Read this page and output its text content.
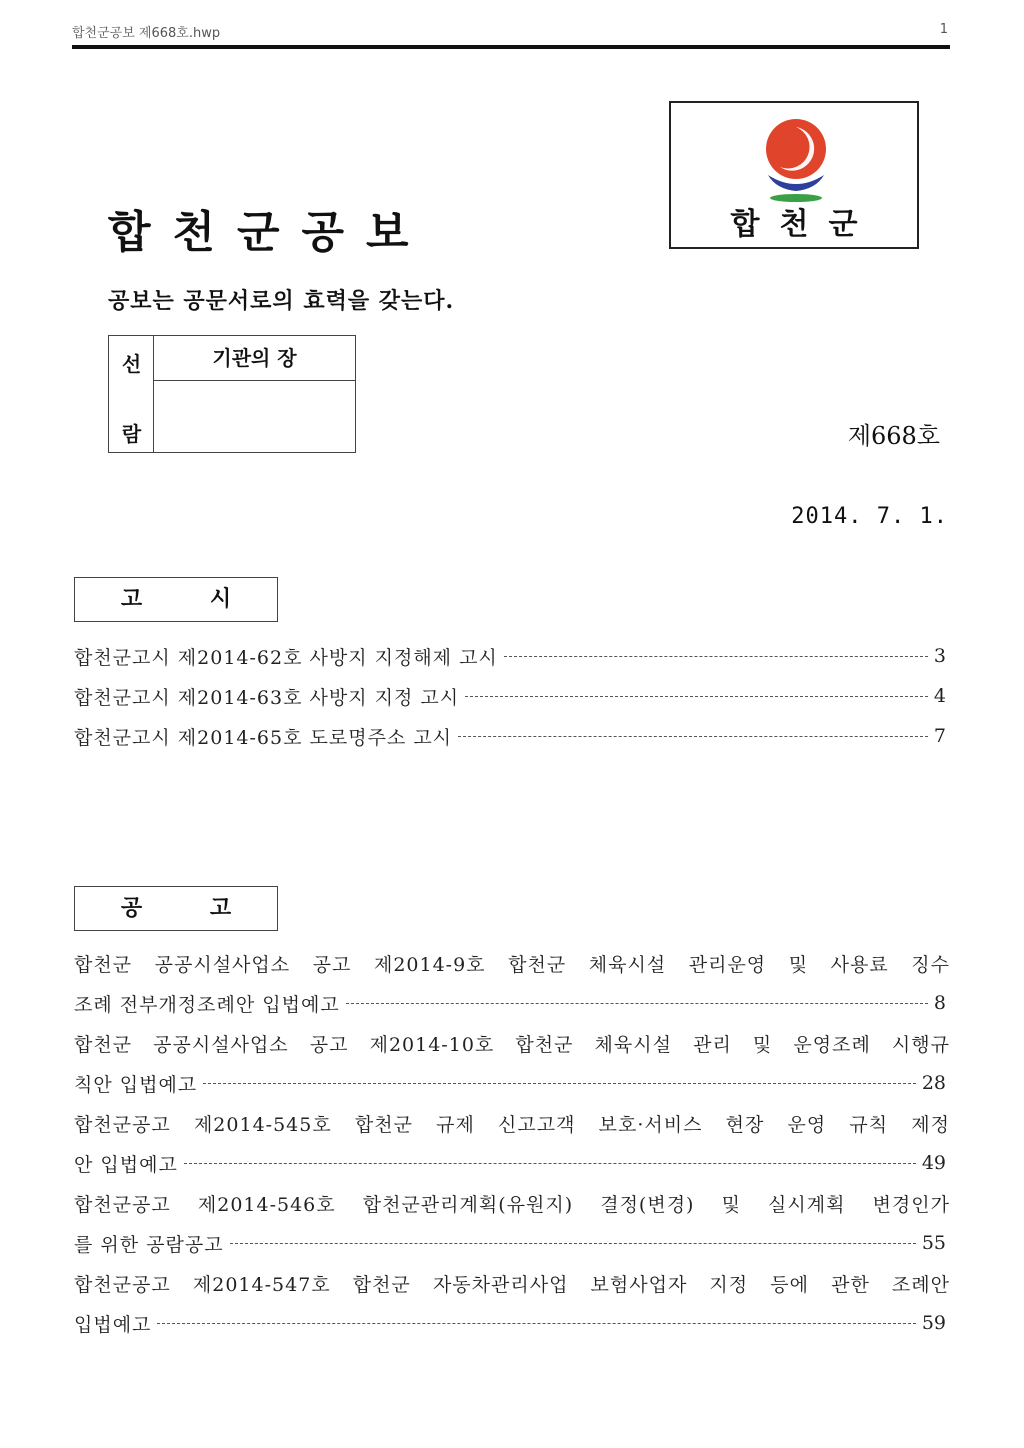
합천군공보 제668호.hwp	1
합천군공보
공보는 공문서로의 효력을 갖는다.
합천군
선
람
기관의 장
제668호
2014. 7. 1.
고 시
합천군고시 제2014-62호 사방지 지정해제 고시	3
합천군고시 제2014-63호 사방지 지정 고시	4
합천군고시 제2014-65호 도로명주소 고시	7
공 고
합천군 공공시설사업소 공고 제2014-9호 합천군 체육시설 관리운영 및 사용료 징수
조례 전부개정조례안 입법예고	8
합천군 공공시설사업소 공고 제2014-10호 합천군 체육시설 관리 및 운영조례 시행규
칙안 입법예고	28
합천군공고 제2014-545호 합천군 규제 신고고객 보호·서비스 현장 운영 규칙 제정
안 입법예고	49
합천군공고 제2014-546호 합천군관리계획(유원지) 결정(변경) 및 실시계획 변경인가
를 위한 공람공고	55
합천군공고 제2014-547호 합천군 자동차관리사업 보험사업자 지정 등에 관한 조례안
입법예고	59
